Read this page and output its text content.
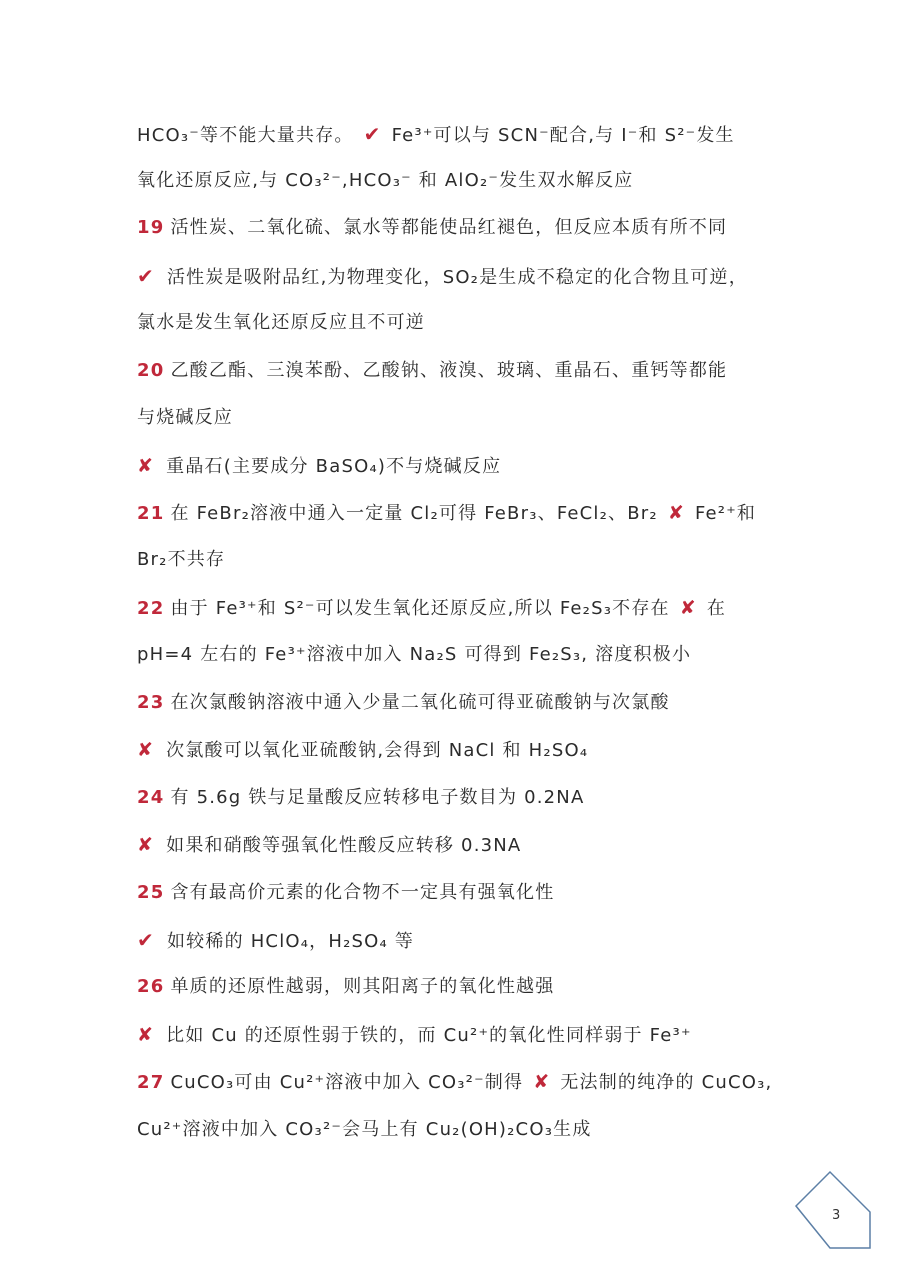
HCO₃⁻等不能大量共存。 ✔ Fe³⁺可以与 SCN⁻配合,与 I⁻和 S²⁻发生
氧化还原反应,与 CO₃²⁻,HCO₃⁻ 和 AlO₂⁻发生双水解反应
19 活性炭、二氧化硫、氯水等都能使品红褪色，但反应本质有所不同
✔ 活性炭是吸附品红,为物理变化，SO₂是生成不稳定的化合物且可逆，
氯水是发生氧化还原反应且不可逆
20 乙酸乙酯、三溴苯酚、乙酸钠、液溴、玻璃、重晶石、重钙等都能
与烧碱反应
✘ 重晶石(主要成分 BaSO₄)不与烧碱反应
21 在 FeBr₂溶液中通入一定量 Cl₂可得 FeBr₃、FeCl₂、Br₂ ✘ Fe²⁺和
Br₂不共存
22 由于 Fe³⁺和 S²⁻可以发生氧化还原反应,所以 Fe₂S₃不存在 ✘ 在
pH=4 左右的 Fe³⁺溶液中加入 Na₂S 可得到 Fe₂S₃, 溶度积极小
23 在次氯酸钠溶液中通入少量二氧化硫可得亚硫酸钠与次氯酸
✘ 次氯酸可以氧化亚硫酸钠,会得到 NaCl 和 H₂SO₄
24 有 5.6g 铁与足量酸反应转移电子数目为 0.2NA
✘ 如果和硝酸等强氧化性酸反应转移 0.3NA
25 含有最高价元素的化合物不一定具有强氧化性
✔ 如较稀的 HClO₄，H₂SO₄ 等
26 单质的还原性越弱，则其阳离子的氧化性越强
✘ 比如 Cu 的还原性弱于铁的，而 Cu²⁺的氧化性同样弱于 Fe³⁺
27 CuCO₃可由 Cu²⁺溶液中加入 CO₃²⁻制得 ✘ 无法制的纯净的 CuCO₃,
Cu²⁺溶液中加入 CO₃²⁻会马上有 Cu₂(OH)₂CO₃生成
3
